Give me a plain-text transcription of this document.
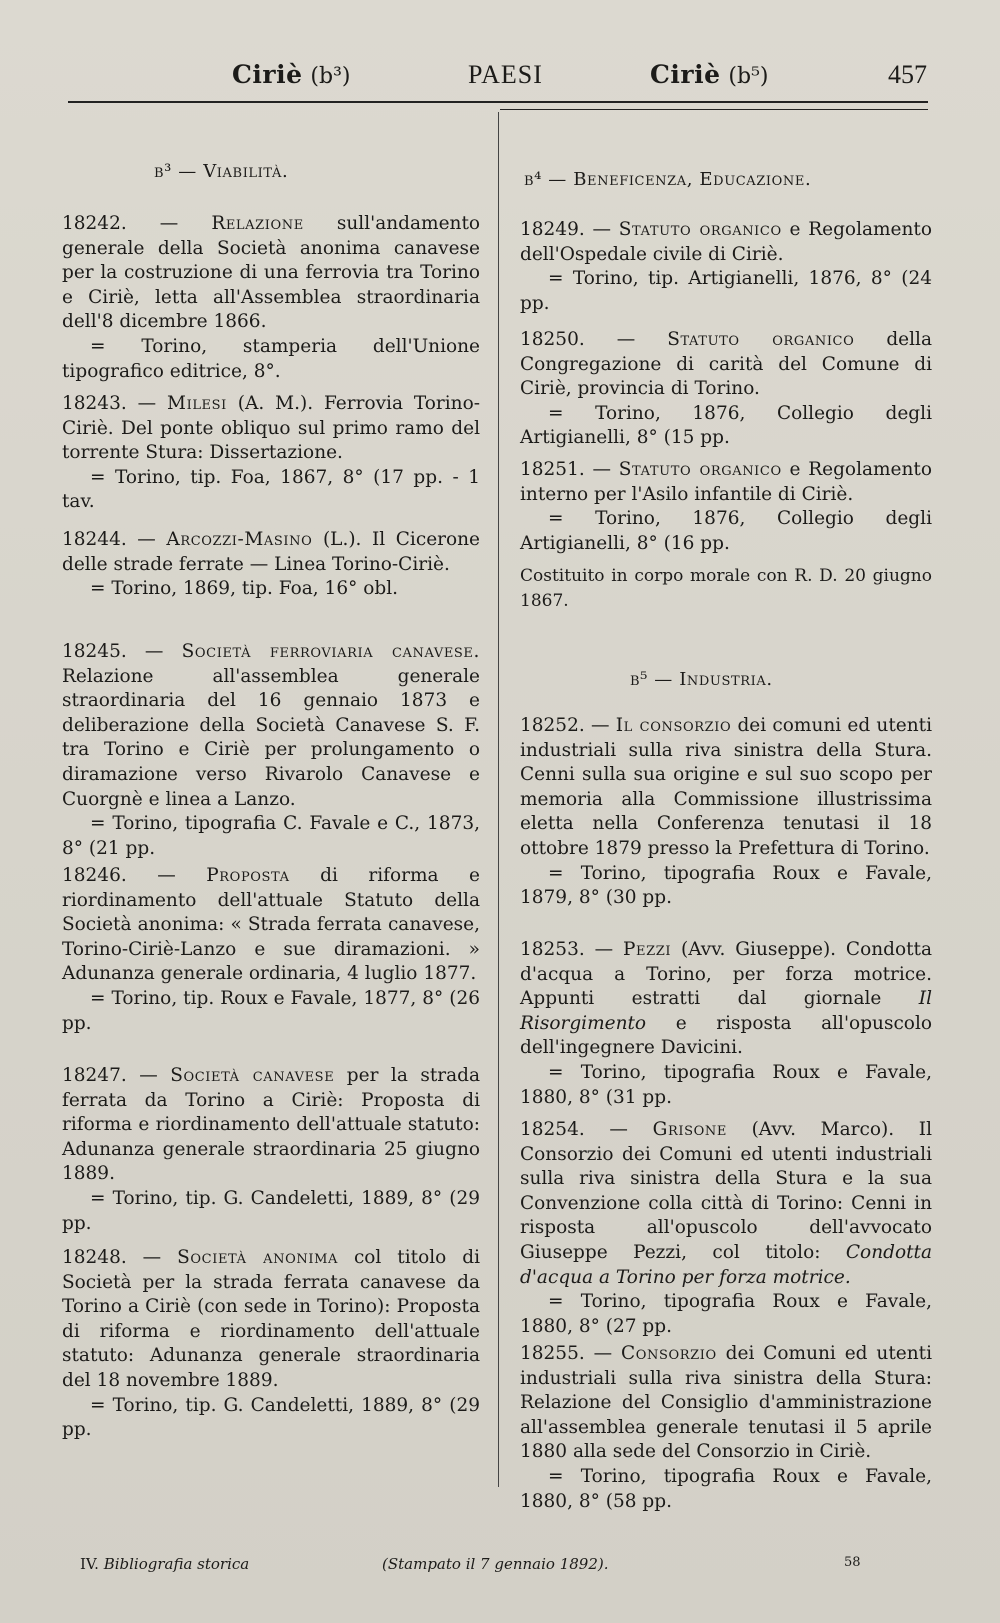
Ciriè (b³)	PAESI	Ciriè (b⁵)	457
b³ — Viabilità.

18242. — Relazione sull'andamento generale della Società anonima canavese per la costruzione di una ferrovia tra Torino e Ciriè, letta all'Assemblea straordinaria dell'8 dicembre 1866.

= Torino, stamperia dell'Unione tipografico editrice, 8°.

18243. — Milesi (A. M.). Ferrovia Torino-Ciriè. Del ponte obliquo sul primo ramo del torrente Stura: Dissertazione.

= Torino, tip. Foa, 1867, 8° (17 pp. - 1 tav.

18244. — Arcozzi-Masino (L.). Il Cicerone delle strade ferrate — Linea Torino-Ciriè.

= Torino, 1869, tip. Foa, 16° obl.

18245. — Società ferroviaria canavese. Relazione all'assemblea generale straordinaria del 16 gennaio 1873 e deliberazione della Società Canavese S. F. tra Torino e Ciriè per prolungamento o diramazione verso Rivarolo Canavese e Cuorgnè e linea a Lanzo.

= Torino, tipografia C. Favale e C., 1873, 8° (21 pp.

18246. — Proposta di riforma e riordinamento dell'attuale Statuto della Società anonima: « Strada ferrata canavese, Torino-Ciriè-Lanzo e sue diramazioni. » Adunanza generale ordinaria, 4 luglio 1877.

= Torino, tip. Roux e Favale, 1877, 8° (26 pp.

18247. — Società canavese per la strada ferrata da Torino a Ciriè: Proposta di riforma e riordinamento dell'attuale statuto: Adunanza generale straordinaria 25 giugno 1889.

= Torino, tip. G. Candeletti, 1889, 8° (29 pp.

18248. — Società anonima col titolo di Società per la strada ferrata canavese da Torino a Ciriè (con sede in Torino): Proposta di riforma e riordinamento dell'attuale statuto: Adunanza generale straordinaria del 18 novembre 1889.

= Torino, tip. G. Candeletti, 1889, 8° (29 pp.

b⁴ — Beneficenza, Educazione.

18249. — Statuto organico e Regolamento dell'Ospedale civile di Ciriè.

= Torino, tip. Artigianelli, 1876, 8° (24 pp.

18250. — Statuto organico della Congregazione di carità del Comune di Ciriè, provincia di Torino.

= Torino, 1876, Collegio degli Artigianelli, 8° (15 pp.

18251. — Statuto organico e Regolamento interno per l'Asilo infantile di Ciriè.

= Torino, 1876, Collegio degli Artigianelli, 8° (16 pp.

Costituito in corpo morale con R. D. 20 giugno 1867.

b⁵ — Industria.

18252. — Il consorzio dei comuni ed utenti industriali sulla riva sinistra della Stura. Cenni sulla sua origine e sul suo scopo per memoria alla Commissione illustrissima eletta nella Conferenza tenutasi il 18 ottobre 1879 presso la Prefettura di Torino.

= Torino, tipografia Roux e Favale, 1879, 8° (30 pp.

18253. — Pezzi (Avv. Giuseppe). Condotta d'acqua a Torino, per forza motrice. Appunti estratti dal giornale Il Risorgimento e risposta all'opuscolo dell'ingegnere Davicini.

= Torino, tipografia Roux e Favale, 1880, 8° (31 pp.

18254. — Grisone (Avv. Marco). Il Consorzio dei Comuni ed utenti industriali sulla riva sinistra della Stura e la sua Convenzione colla città di Torino: Cenni in risposta all'opuscolo dell'avvocato Giuseppe Pezzi, col titolo: Condotta d'acqua a Torino per forza motrice.

= Torino, tipografia Roux e Favale, 1880, 8° (27 pp.

18255. — Consorzio dei Comuni ed utenti industriali sulla riva sinistra della Stura: Relazione del Consiglio d'amministrazione all'assemblea generale tenutasi il 5 aprile 1880 alla sede del Consorzio in Ciriè.

= Torino, tipografia Roux e Favale, 1880, 8° (58 pp.

IV. Bibliografia storica	(Stampato il 7 gennaio 1892).	58
